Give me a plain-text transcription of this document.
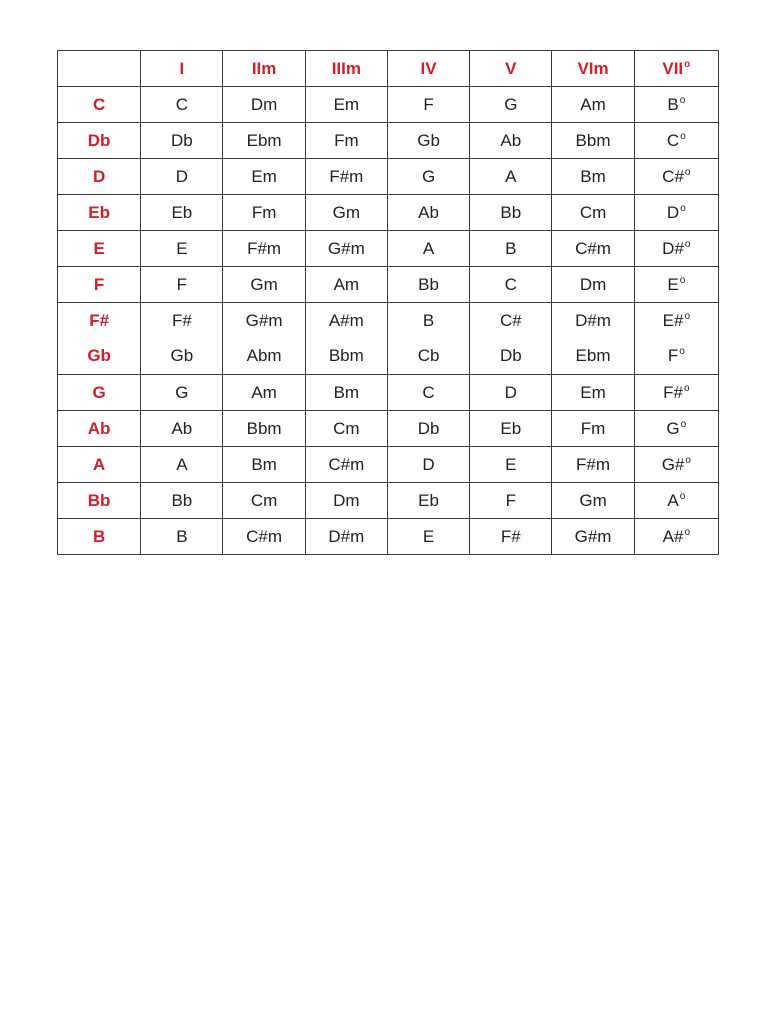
	I	IIm	IIIm	IV	V	VIm	VII$^o$
C	C	Dm	Em	F	G	Am	$B^o$
Db	Db	Ebm	Fm	Gb	Ab	Bbm	$C^o$
D	D	Em	F#m	G	A	Bm	C#$^o$
Eb	Eb	Fm	Gm	Ab	Bb	Cm	$D^o$
E	E	F#m	G#m	A	B	C#m	D#$^o$
F	F	Gm	Am	Bb	C	Dm	$E^o$
F#	F#	G#m	A#m	B	C#	D#m	E#$^o$
Gb	Gb	Abm	Bbm	Cb	Db	Ebm	$F^o$
G	G	Am	Bm	C	D	Em	F#$^o$
Ab	Ab	Bbm	Cm	Db	Eb	Fm	$G^o$
A	A	Bm	C#m	D	E	F#m	G#$^o$
Bb	Bb	Cm	Dm	Eb	F	Gm	$A^o$
B	B	C#m	D#m	E	F#	G#m	A#$^o$
